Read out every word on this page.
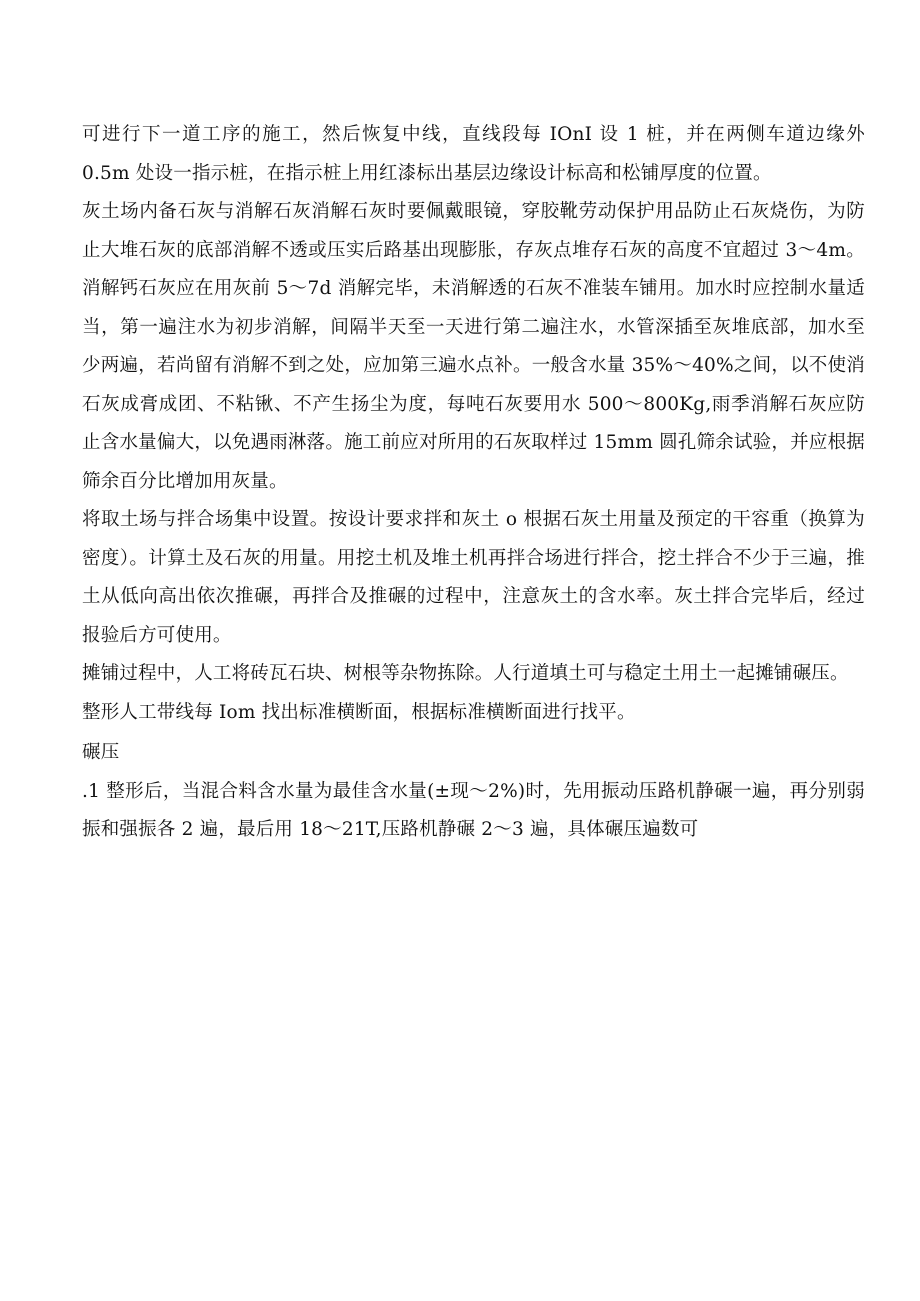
可进行下一道工序的施工，然后恢复中线，直线段每 IOnI 设 1 桩，并在两侧车道边缘外 0.5m 处设一指示桩，在指示桩上用红漆标出基层边缘设计标高和松铺厚度的位置。

灰土场内备石灰与消解石灰消解石灰时要佩戴眼镜，穿胶靴劳动保护用品防止石灰烧伤，为防止大堆石灰的底部消解不透或压实后路基出现膨胀，存灰点堆存石灰的高度不宜超过 3～4m。消解钙石灰应在用灰前 5～7d 消解完毕，未消解透的石灰不准装车铺用。加水时应控制水量适当，第一遍注水为初步消解，间隔半天至一天进行第二遍注水，水管深插至灰堆底部，加水至少两遍，若尚留有消解不到之处，应加第三遍水点补。一般含水量 35%～40%之间，以不使消石灰成膏成团、不粘锹、不产生扬尘为度，每吨石灰要用水 500～800Kg,雨季消解石灰应防止含水量偏大，以免遇雨淋落。施工前应对所用的石灰取样过 15mm 圆孔筛余试验，并应根据筛余百分比增加用灰量。

将取土场与拌合场集中设置。按设计要求拌和灰土 o 根据石灰土用量及预定的干容重（换算为密度）。计算土及石灰的用量。用挖土机及堆土机再拌合场进行拌合，挖土拌合不少于三遍，推土从低向高出依次推碾，再拌合及推碾的过程中，注意灰土的含水率。灰土拌合完毕后，经过报验后方可使用。

摊铺过程中，人工将砖瓦石块、树根等杂物拣除。人行道填土可与稳定土用土一起摊铺碾压。

整形人工带线每 Iom 找出标准横断面，根据标准横断面进行找平。

碾压

.1 整形后，当混合料含水量为最佳含水量(±现～2%)时，先用振动压路机静碾一遍，再分别弱振和强振各 2 遍，最后用 18～21T,压路机静碾 2～3 遍，具体碾压遍数可
